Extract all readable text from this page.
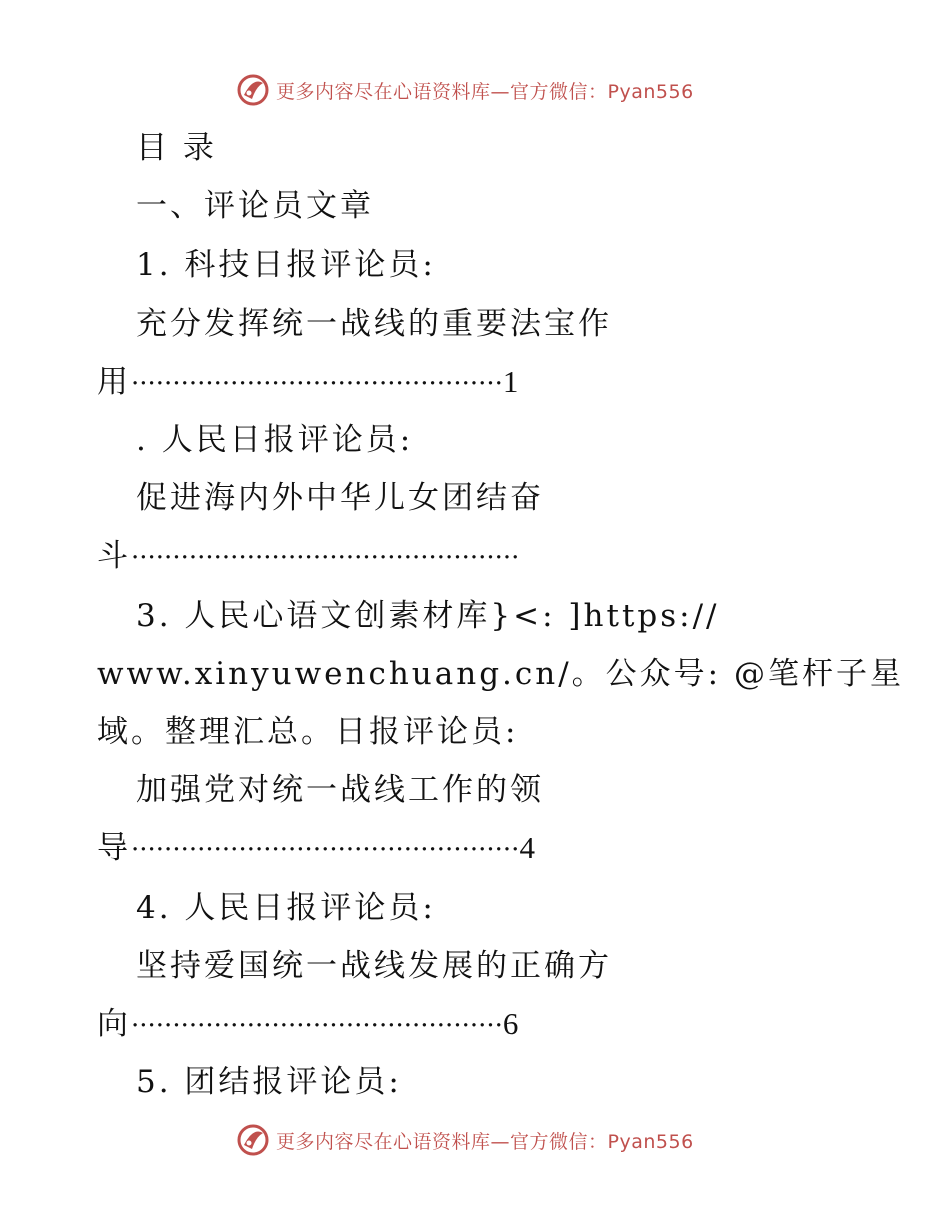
更多内容尽在心语资料库—官方微信：Pyan556
目 录
一、评论员文章
1. 科技日报评论员:
充分发挥统一战线的重要法宝作
用·············································1
. 人民日报评论员:
促进海内外中华儿女团结奋
斗···············································
3. 人民心语文创素材库}<: ]https://
www.xinyuwenchuang.cn/。公众号: @笔杆子星
域。整理汇总。日报评论员:
加强党对统一战线工作的领
导···············································4
4. 人民日报评论员:
坚持爱国统一战线发展的正确方
向·············································6
5. 团结报评论员:
更多内容尽在心语资料库—官方微信：Pyan556
